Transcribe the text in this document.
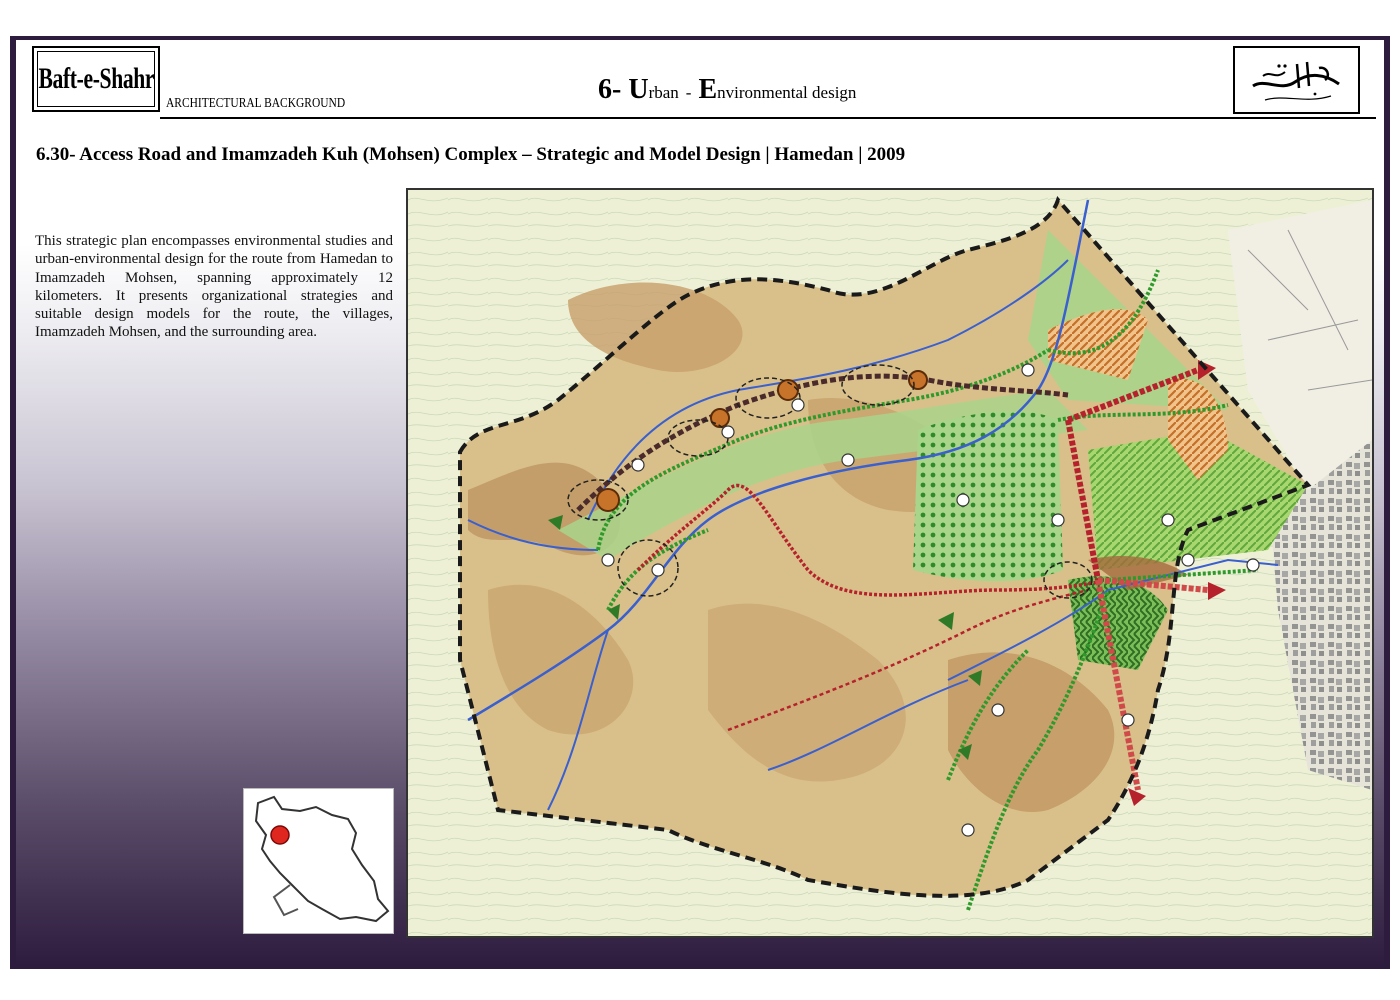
Baft-e-Shahr
ARCHITECTURAL BACKGROUND	6- Urban - Environmental design
6.30- Access Road and Imamzadeh Kuh (Mohsen) Complex – Strategic and Model Design | Hamedan | 2009
This strategic plan encompasses environmental studies and urban-environmental design for the route from Hamedan to Imamzadeh Mohsen, spanning approximately 12 kilometers. It presents organizational strategies and suitable design models for the route, the villages, Imamzadeh Mohsen, and the surrounding area.
